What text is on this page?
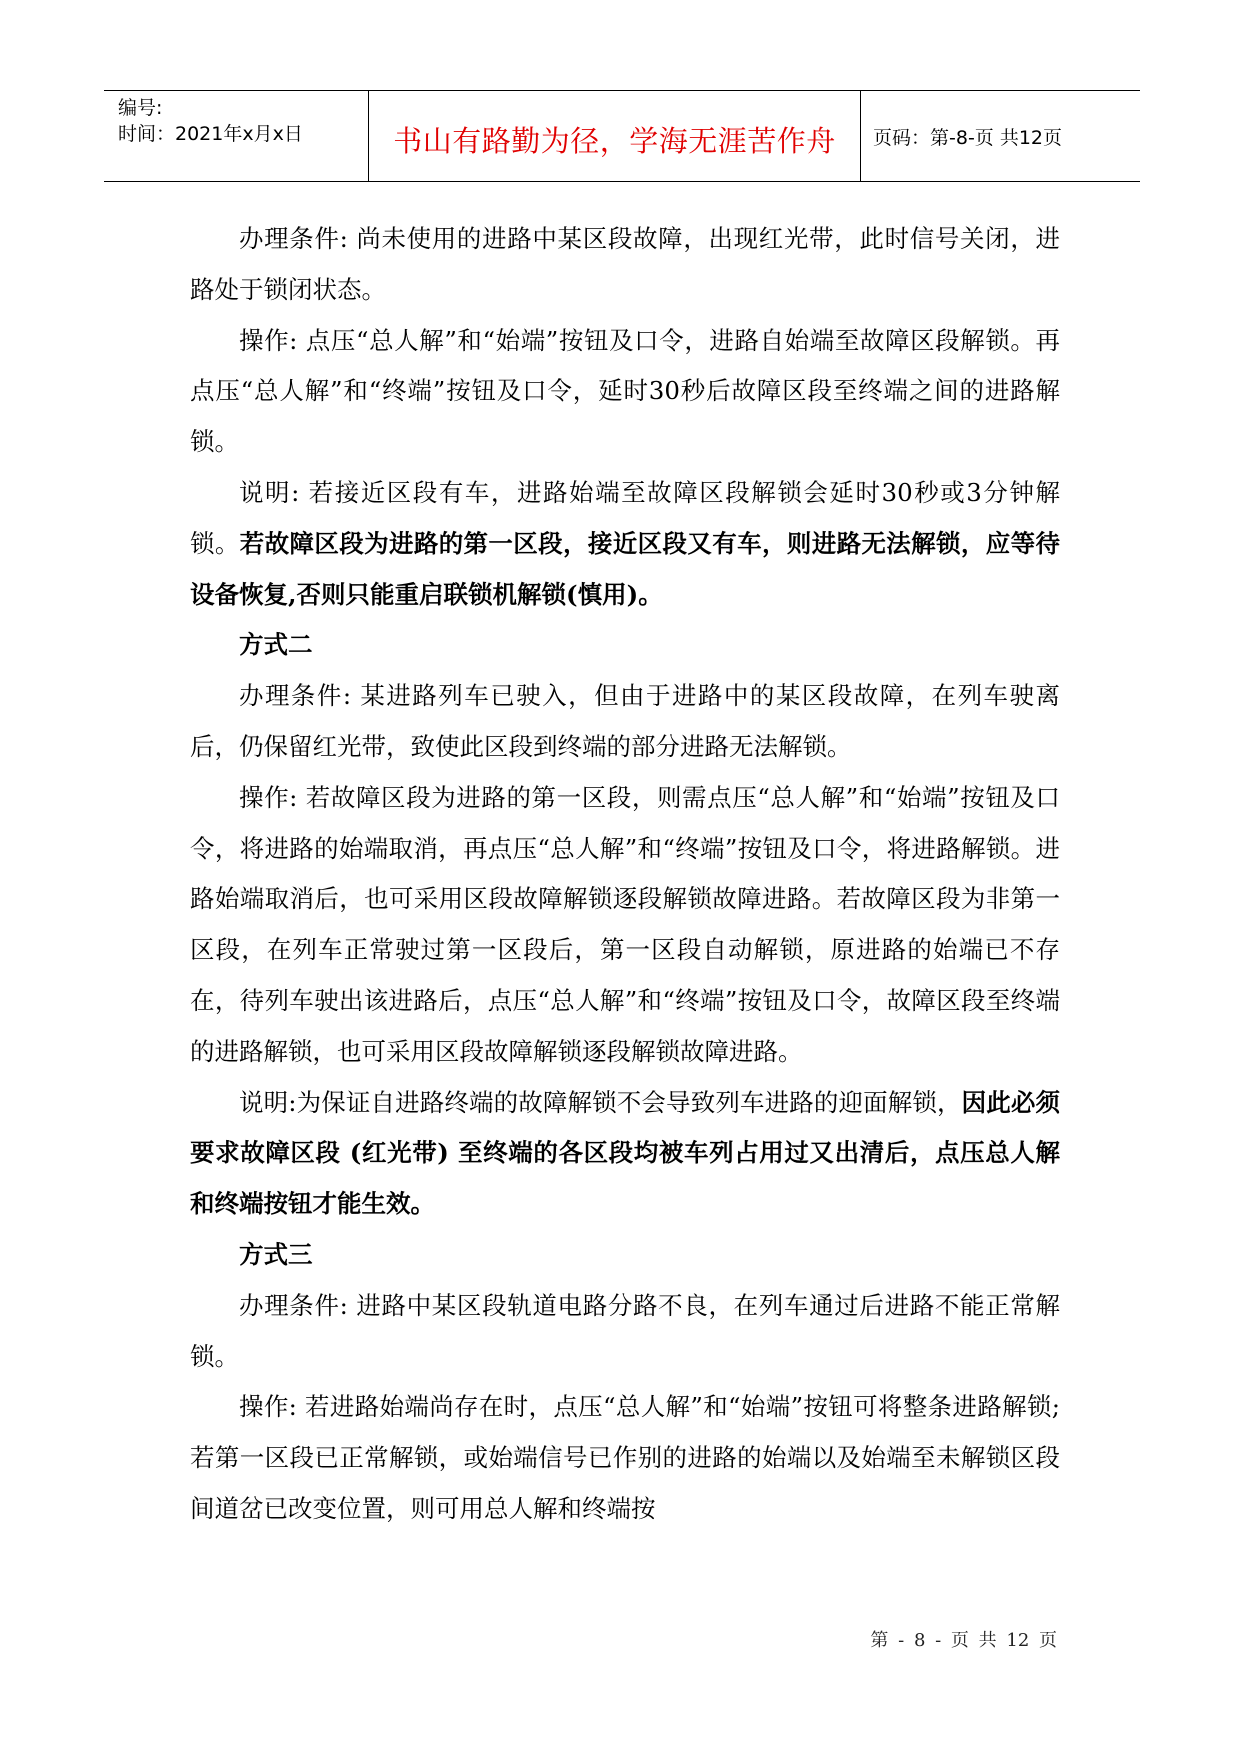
编号:
时间：2021年x月x日	书山有路勤为径，学海无涯苦作舟 页码：第-8-页 共12页

办理条件: 尚未使用的进路中某区段故障，出现红光带，此时信号关闭，进路处于锁闭状态。

操作: 点压“总人解”和“始端”按钮及口令，进路自始端至故障区段解锁。再点压“总人解”和“终端”按钮及口令，延时30秒后故障区段至终端之间的进路解锁。

说明: 若接近区段有车，进路始端至故障区段解锁会延时30秒或3分钟解锁。若故障区段为进路的第一区段，接近区段又有车，则进路无法解锁，应等待设备恢复,否则只能重启联锁机解锁(慎用)。

方式二

办理条件: 某进路列车已驶入，但由于进路中的某区段故障，在列车驶离后，仍保留红光带，致使此区段到终端的部分进路无法解锁。

操作: 若故障区段为进路的第一区段，则需点压“总人解”和“始端”按钮及口令，将进路的始端取消，再点压“总人解”和“终端”按钮及口令，将进路解锁。进路始端取消后，也可采用区段故障解锁逐段解锁故障进路。若故障区段为非第一区段，在列车正常驶过第一区段后，第一区段自动解锁，原进路的始端已不存在，待列车驶出该进路后，点压“总人解”和“终端”按钮及口令，故障区段至终端的进路解锁，也可采用区段故障解锁逐段解锁故障进路。

说明:为保证自进路终端的故障解锁不会导致列车进路的迎面解锁，因此必须要求故障区段 (红光带) 至终端的各区段均被车列占用过又出清后，点压总人解和终端按钮才能生效。

方式三

办理条件: 进路中某区段轨道电路分路不良，在列车通过后进路不能正常解锁。

操作: 若进路始端尚存在时，点压“总人解”和“始端”按钮可将整条进路解锁; 若第一区段已正常解锁，或始端信号已作别的进路的始端以及始端至未解锁区段间道岔已改变位置，则可用总人解和终端按

第 - 8 - 页 共 12 页
